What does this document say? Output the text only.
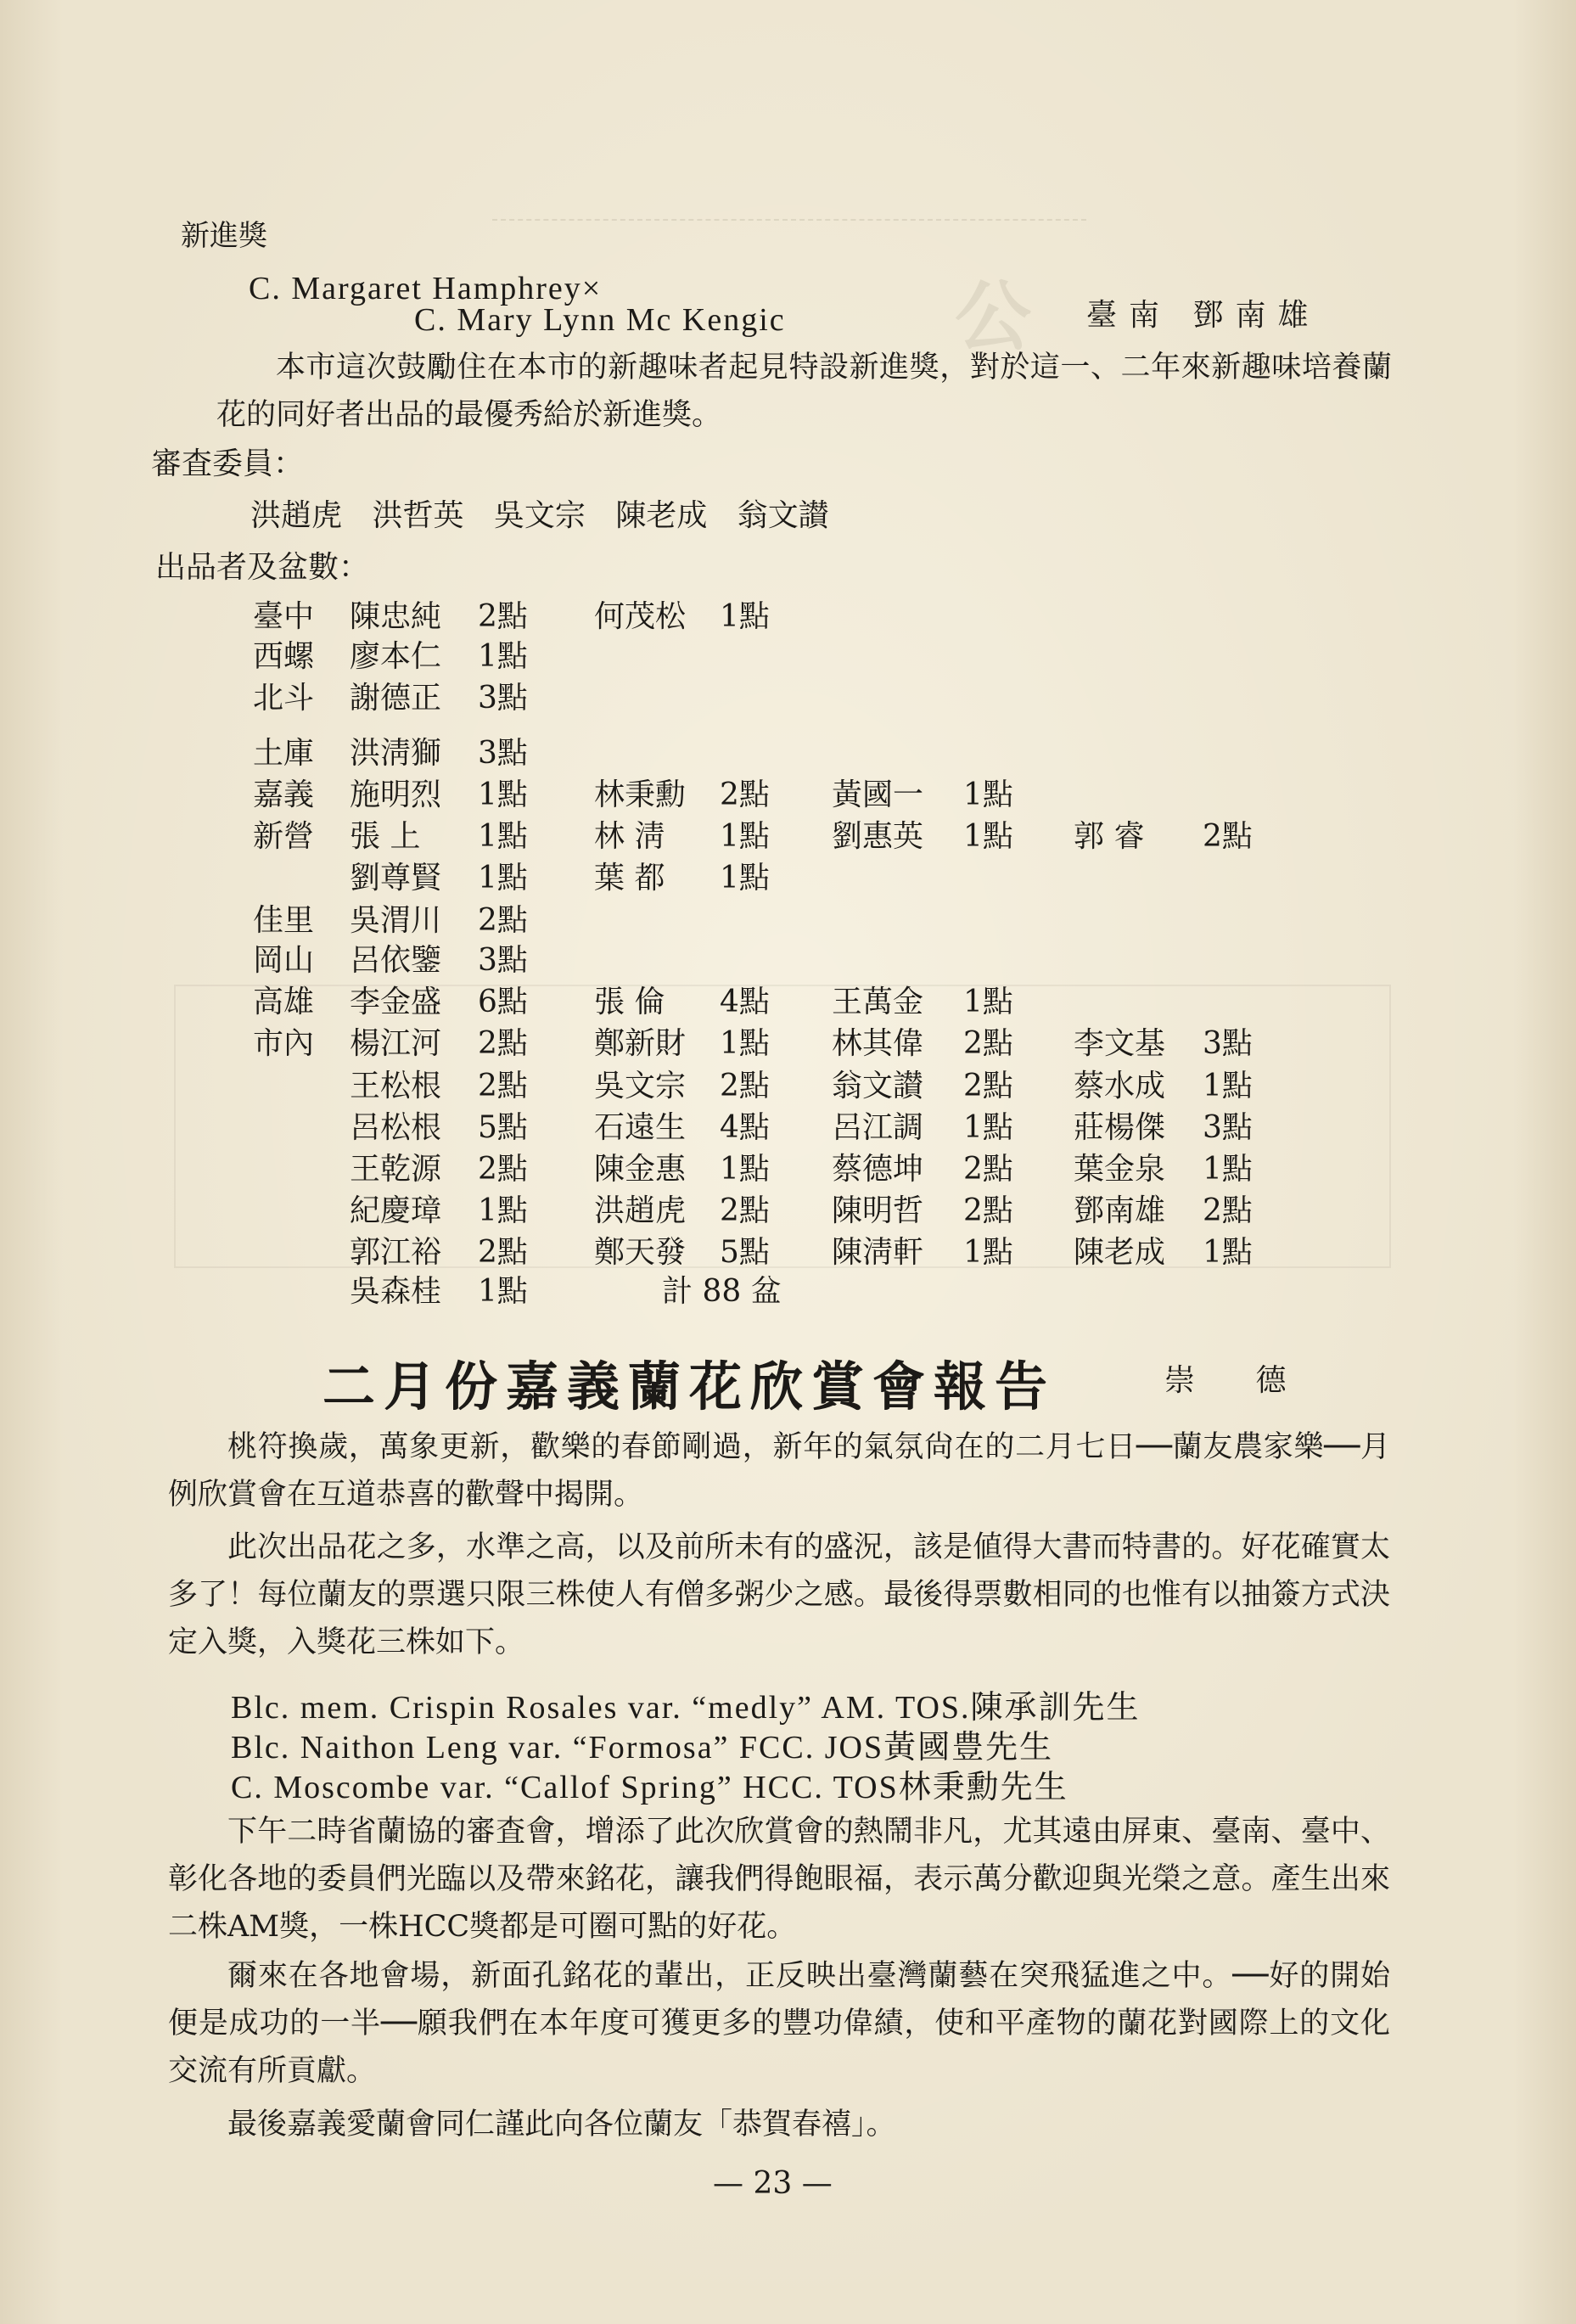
公
新進獎
C. Margaret Hamphrey×
C. Mary Lynn Mc Kengic	臺南 鄧南雄
本市這次鼓勵住在本市的新趣味者起見特設新進獎，對於這一、二年來新趣味培養蘭花的同好者出品的最優秀給於新進獎。
審査委員：
洪趙虎 洪哲英 吳文宗 陳老成 翁文讃
出品者及盆數：
臺中 陳忠純 2點 何茂松 1點
西螺 廖本仁 1點
北斗 謝德正 3點
土庫 洪淸獅 3點
嘉義 施明烈 1點 林秉勳 2點 黃國一 1點
新營 張 上 1點 林 淸 1點 劉惠英 1點 郭 睿 2點
劉尊賢 1點 葉 都 1點
佳里 吳渭川 2點
岡山 呂依鑒 3點
高雄 李金盛 6點 張 倫 4點 王萬金 1點
市內 楊江河 2點 鄭新財 1點 林其偉 2點 李文基 3點
王松根 2點 吳文宗 2點 翁文讃 2點 蔡水成 1點
呂松根 5點 石遠生 4點 呂江調 1點 莊楊傑 3點
王乾源 2點 陳金惠 1點 蔡德坤 2點 葉金泉 1點
紀慶璋 1點 洪趙虎 2點 陳明哲 2點 鄧南雄 2點
郭江裕 2點 鄭天發 5點 陳淸軒 1點 陳老成 1點
吳森桂 1點	計 88 盆
二月份嘉義蘭花欣賞會報告	崇 德
桃符換歲，萬象更新，歡樂的春節剛過，新年的氣氛尙在的二月七日──蘭友農家樂──月例欣賞會在互道恭喜的歡聲中揭開。
此次出品花之多，水準之高，以及前所未有的盛況，該是値得大書而特書的。好花確實太多了！每位蘭友的票選只限三株使人有僧多粥少之感。最後得票數相同的也惟有以抽簽方式決定入獎，入獎花三株如下。
Blc. mem. Crispin Rosales var. “medly” AM. TOS.陳承訓先生
Blc. Naithon Leng var. “Formosa” FCC. JOS黃國豊先生
C. Moscombe var. “Callof Spring” HCC. TOS林秉勳先生
下午二時省蘭協的審査會，增添了此次欣賞會的熱鬧非凡，尤其遠由屏東、臺南、臺中、彰化各地的委員們光臨以及帶來銘花，讓我們得飽眼福，表示萬分歡迎與光榮之意。產生出來二株AM獎，一株HCC獎都是可圈可點的好花。
爾來在各地會場，新面孔銘花的輩出，正反映出臺灣蘭藝在突飛猛進之中。──好的開始便是成功的一半──願我們在本年度可獲更多的豐功偉績，使和平產物的蘭花對國際上的文化交流有所貢獻。
最後嘉義愛蘭會同仁謹此向各位蘭友「恭賀春禧」。
— 23 —
